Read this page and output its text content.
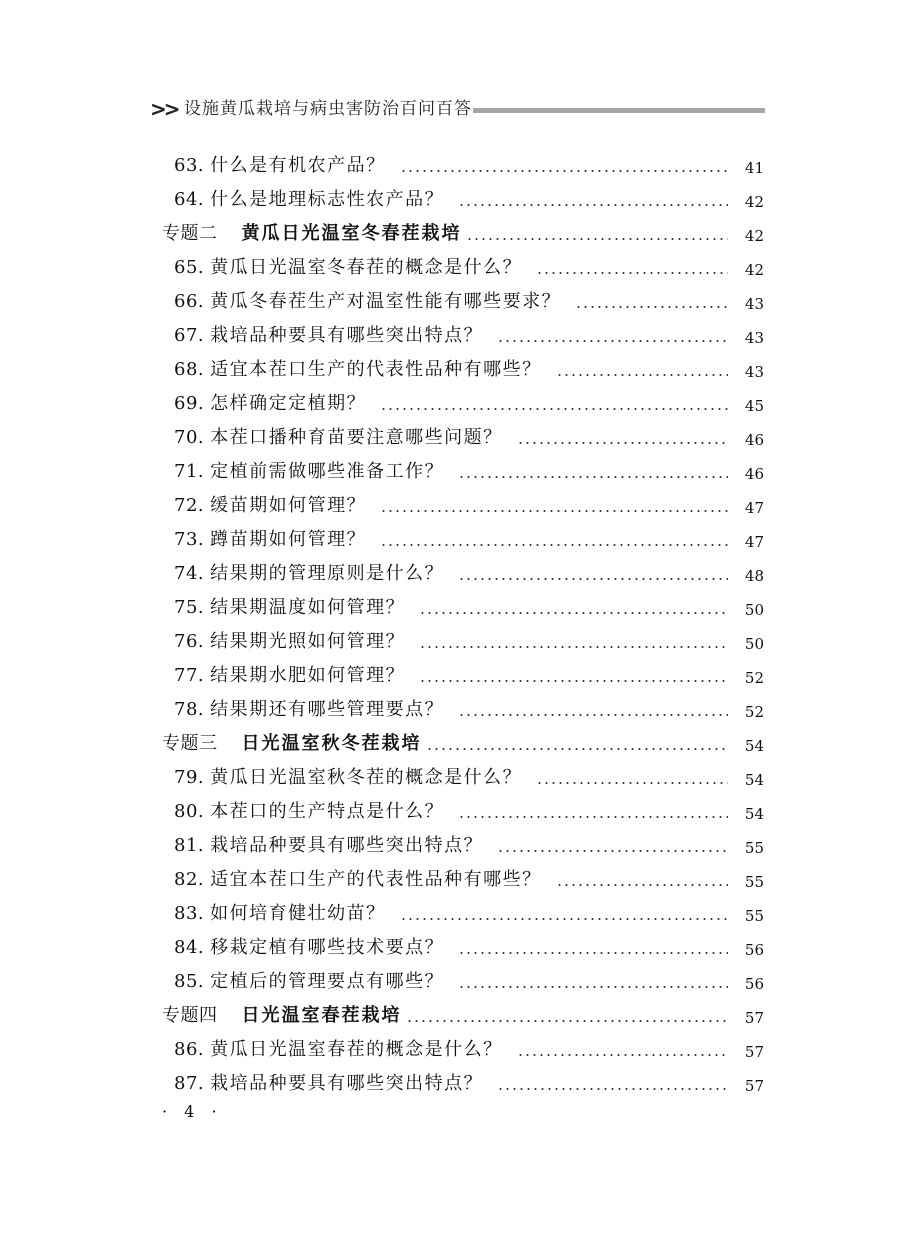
>> 设施黄瓜栽培与病虫害防治百问百答
63. 什么是有机农产品？	41
64. 什么是地理标志性农产品？	42
专题二 黄瓜日光温室冬春茬栽培	42
65. 黄瓜日光温室冬春茬的概念是什么？	42
66. 黄瓜冬春茬生产对温室性能有哪些要求？	43
67. 栽培品种要具有哪些突出特点？	43
68. 适宜本茬口生产的代表性品种有哪些？	43
69. 怎样确定定植期？	45
70. 本茬口播种育苗要注意哪些问题？	46
71. 定植前需做哪些准备工作？	46
72. 缓苗期如何管理？	47
73. 蹲苗期如何管理？	47
74. 结果期的管理原则是什么？	48
75. 结果期温度如何管理？	50
76. 结果期光照如何管理？	50
77. 结果期水肥如何管理？	52
78. 结果期还有哪些管理要点？	52
专题三 日光温室秋冬茬栽培	54
79. 黄瓜日光温室秋冬茬的概念是什么？	54
80. 本茬口的生产特点是什么？	54
81. 栽培品种要具有哪些突出特点？	55
82. 适宜本茬口生产的代表性品种有哪些？	55
83. 如何培育健壮幼苗？	55
84. 移栽定植有哪些技术要点？	56
85. 定植后的管理要点有哪些？	56
专题四 日光温室春茬栽培	57
86. 黄瓜日光温室春茬的概念是什么？	57
87. 栽培品种要具有哪些突出特点？	57
· 4 ·
